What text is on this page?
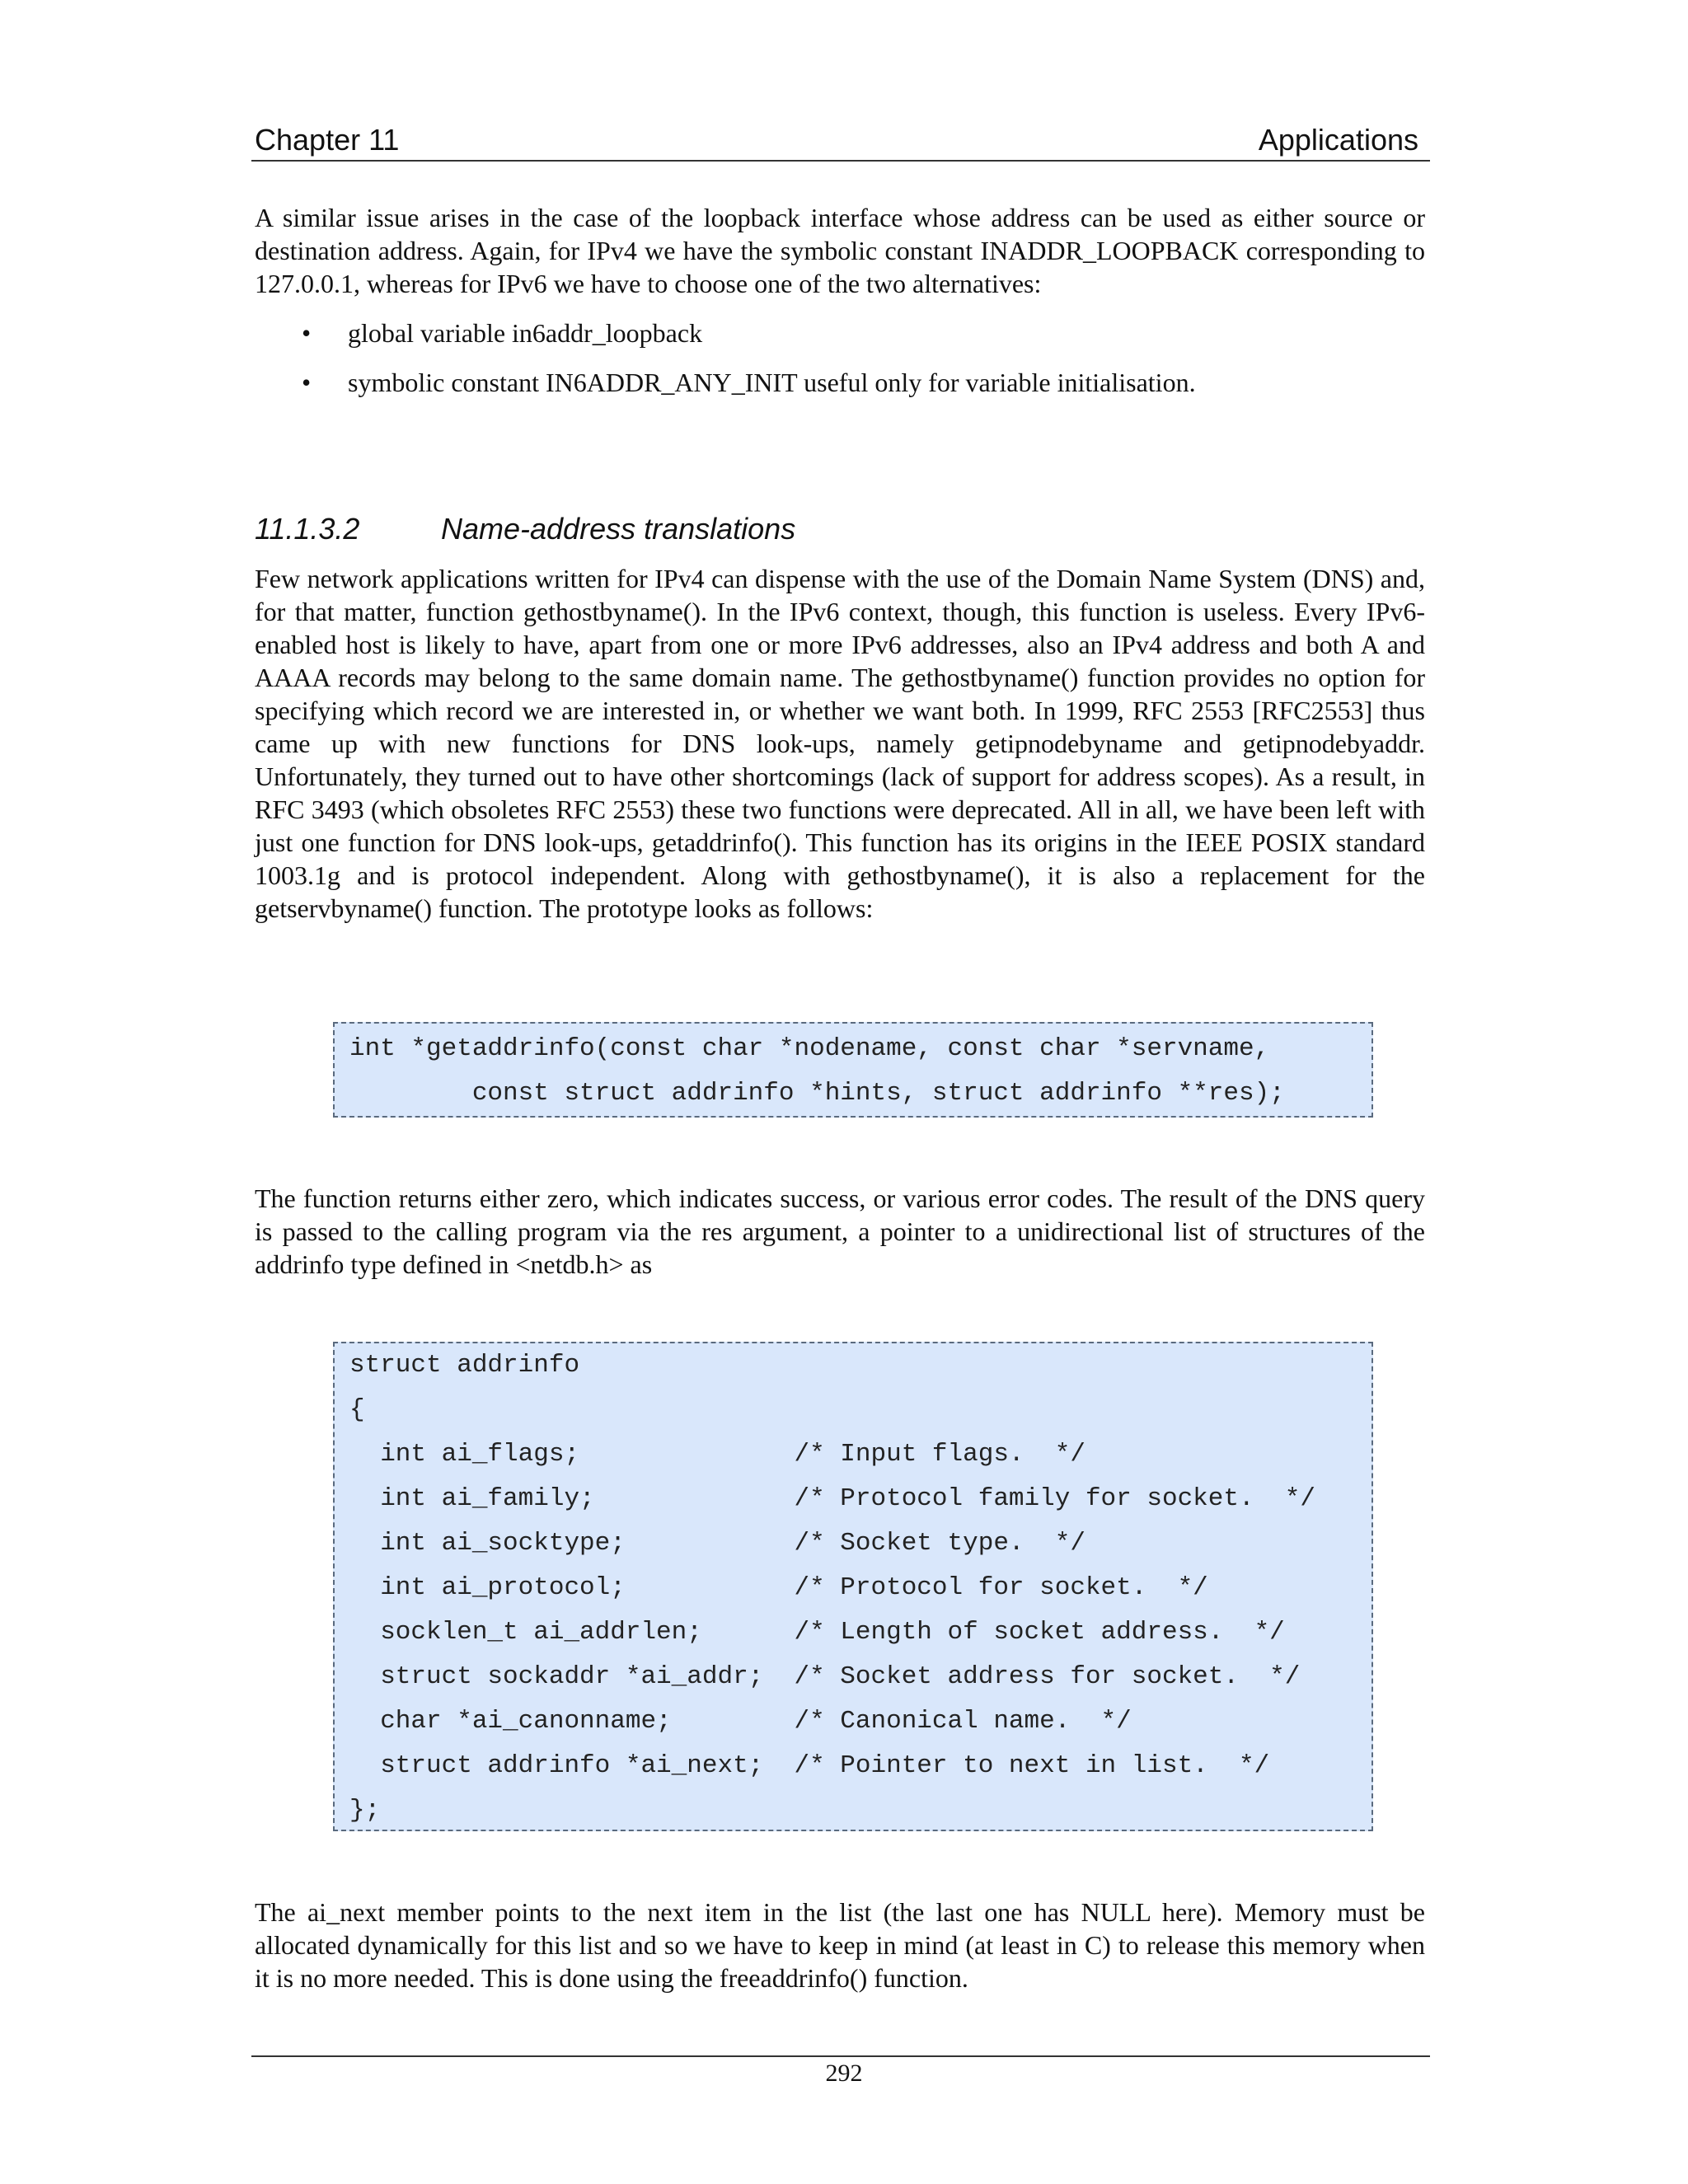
Chapter 11	Applications

A similar issue arises in the case of the loopback interface whose address can be used as either source or destination address. Again, for IPv4 we have the symbolic constant INADDR_LOOPBACK corresponding to 127.0.0.1, whereas for IPv6 we have to choose one of the two alternatives:

• global variable in6addr_loopback
• symbolic constant IN6ADDR_ANY_INIT useful only for variable initialisation.
11.1.3.2	Name-address translations

Few network applications written for IPv4 can dispense with the use of the Domain Name System (DNS) and, for that matter, function gethostbyname(). In the IPv6 context, though, this function is useless. Every IPv6-enabled host is likely to have, apart from one or more IPv6 addresses, also an IPv4 address and both A and AAAA records may belong to the same domain name. The gethostbyname() function provides no option for specifying which record we are interested in, or whether we want both. In 1999, RFC 2553 [RFC2553] thus came up with new functions for DNS look-ups, namely getipnodebyname and getipnodebyaddr. Unfortunately, they turned out to have other shortcomings (lack of support for address scopes). As a result, in RFC 3493 (which obsoletes RFC 2553) these two functions were deprecated. All in all, we have been left with just one function for DNS look-ups, getaddrinfo(). This function has its origins in the IEEE POSIX standard 1003.1g and is protocol independent. Along with gethostbyname(), it is also a replacement for the getservbyname() function. The prototype looks as follows:

int *getaddrinfo(const char *nodename, const char *servname,
const struct addrinfo *hints, struct addrinfo **res);

The function returns either zero, which indicates success, or various error codes. The result of the DNS query is passed to the calling program via the res argument, a pointer to a unidirectional list of structures of the addrinfo type defined in <netdb.h> as

struct addrinfo
{
int ai_flags;              /* Input flags.  */
int ai_family;             /* Protocol family for socket.  */
int ai_socktype;           /* Socket type.  */
int ai_protocol;           /* Protocol for socket.  */
socklen_t ai_addrlen;      /* Length of socket address.  */
struct sockaddr *ai_addr;  /* Socket address for socket.  */
char *ai_canonname;        /* Canonical name.  */
struct addrinfo *ai_next;  /* Pointer to next in list.  */
};

The ai_next member points to the next item in the list (the last one has NULL here). Memory must be allocated dynamically for this list and so we have to keep in mind (at least in C) to release this memory when it is no more needed. This is done using the freeaddrinfo() function.

292
